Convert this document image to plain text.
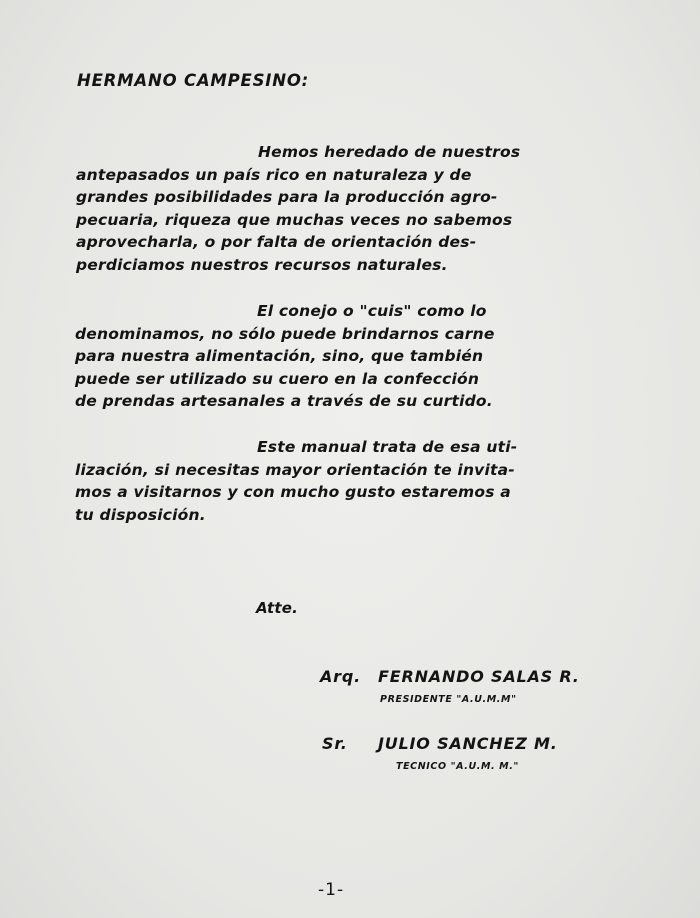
HERMANO CAMPESINO:

Hemos heredado de nuestros
antepasados un país rico en naturaleza y de
grandes posibilidades para la producción agro-
pecuaria, riqueza que muchas veces no sabemos
aprovecharla, o por falta de orientación des-
perdiciamos nuestros recursos naturales.

El conejo o "cuis" como lo
denominamos, no sólo puede brindarnos carne
para nuestra alimentación, sino, que también
puede ser utilizado su cuero en la confección
de prendas artesanales a través de su curtido.

Este manual trata de esa uti-
lización, si necesitas mayor orientación te invita-
mos a visitarnos y con mucho gusto estaremos a
tu disposición.

Atte.

Arq. FERNANDO SALAS R.

PRESIDENTE "A.U.M.M"

Sr. JULIO SANCHEZ M.

TECNICO "A.U.M. M."

-1-
